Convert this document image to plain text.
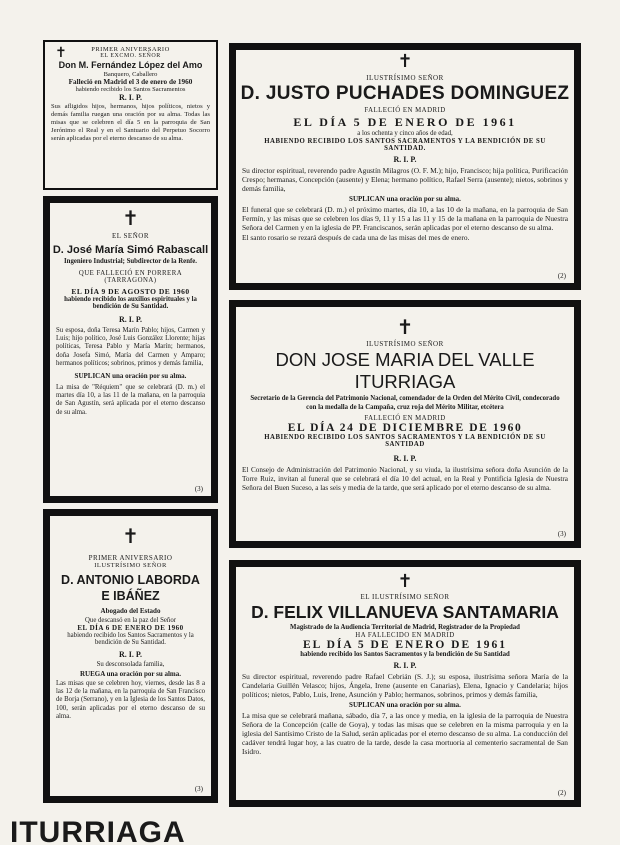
✝	PRIMER ANIVERSARIO

EL EXCMO. SEÑOR

Don M. Fernández López del Amo

Banquero, Caballero

Falleció en Madrid el 3 de enero de 1960

habiendo recibido los Santos Sacramentos

R. I. P.

Sus afligidos hijos, hermanos, hijos políticos, nietos y demás familia ruegan una oración por su alma. Todas las misas que se celebren el día 5 en la parroquia de San Jerónimo el Real y en el Santuario del Perpetuo Socorro serán aplicadas por el eterno descanso de su alma.

✝

EL SEÑOR

D. José María Simó Rabascall

Ingeniero Industrial; Subdirector de la Renfe.

QUE FALLECIÓ EN PORRERA (TARRAGONA)

EL DÍA 9 DE AGOSTO DE 1960

habiendo recibido los auxilios espirituales y la bendición de Su Santidad.

R. I. P.

Su esposa, doña Teresa Marín Pablo; hijos, Carmen y Luis; hijo político, José Luis González Llorente; hijas políticas, Teresa Pablo y María Marín; hermanos, doña Josefa Simó, María del Carmen y Amparo; hermanos políticos; sobrinos, primos y demás familia,

SUPLICAN una oración por su alma.

La misa de "Réquiem" que se celebrará (D. m.) el martes día 10, a las 11 de la mañana, en la parroquia de San Agustín, será aplicada por el eterno descanso de su alma.

(3)
✝

PRIMER ANIVERSARIO

ILUSTRÍSIMO SEÑOR

D. ANTONIO LABORDA

E IBÁÑEZ

Abogado del Estado

Que descansó en la paz del Señor

EL DÍA 6 DE ENERO DE 1960

habiendo recibido los Santos Sacramentos y la bendición de Su Santidad.

R. I. P.

Su desconsolada familia,

RUEGA una oración por su alma.

Las misas que se celebren hoy, viernes, desde las 8 a las 12 de la mañana, en la parroquia de San Francisco de Borja (Serrano), y en la Iglesia de los Santos Datos, 100, serán aplicadas por el eterno descanso de su alma.

(3)
✝

ILUSTRÍSIMO SEÑOR

D. JUSTO PUCHADES DOMINGUEZ

FALLECIÓ EN MADRID

EL DÍA 5 DE ENERO DE 1961

a los ochenta y cinco años de edad,

HABIENDO RECIBIDO LOS SANTOS SACRAMENTOS Y LA BENDICIÓN DE SU SANTIDAD.

R. I. P.

Su director espiritual, reverendo padre Agustín Milagros (O. F. M.); hijo, Francisco; hija política, Purificación Crespo; hermanas, Concepción (ausente) y Elena; hermano político, Rafael Serra (ausente); nietos, sobrinos y demás familia,

SUPLICAN una oración por su alma.

El funeral que se celebrará (D. m.) el próximo martes, día 10, a las 10 de la mañana, en la parroquia de San Fermín, y las misas que se celebren los días 9, 11 y 15 a las 11 y 15 de la mañana en la parroquia de Nuestra Señora del Carmen y en la iglesia de PP. Franciscanos, serán aplicadas por el eterno descanso de su alma.

El santo rosario se rezará después de cada una de las misas del mes de enero.

(2)
✝

ILUSTRÍSIMO SEÑOR

DON JOSE MARIA DEL VALLE

ITURRIAGA

Secretario de la Gerencia del Patrimonio Nacional, comendador de la Orden del Mérito Civil, condecorado con la medalla de la Campaña, cruz roja del Mérito Militar, etcétera

FALLECIÓ EN MADRID

EL DÍA 24 DE DICIEMBRE DE 1960

HABIENDO RECIBIDO LOS SANTOS SACRAMENTOS Y LA BENDICIÓN DE SU SANTIDAD

R. I. P.

El Consejo de Administración del Patrimonio Nacional, y su viuda, la ilustrísima señora doña Asunción de la Torre Ruiz, invitan al funeral que se celebrará el día 10 del actual, en la Real y Pontificia Iglesia de Nuestra Señora del Buen Suceso, a las seis y media de la tarde, que será aplicado por el eterno descanso de su alma.

(3)
✝

EL ILUSTRÍSIMO SEÑOR

D. FELIX VILLANUEVA SANTAMARIA

Magistrado de la Audiencia Territorial de Madrid, Registrador de la Propiedad

HA FALLECIDO EN MADRID

EL DÍA 5 DE ENERO DE 1961

habiendo recibido los Santos Sacramentos y la bendición de Su Santidad

R. I. P.

Su director espiritual, reverendo padre Rafael Cebrián (S. J.); su esposa, ilustrísima señora María de la Candelaria Guillén Velasco; hijos, Ángela, Irene (ausente en Canarias), Elena, Ignacio y Candelaria; hijos políticos; nietos, Pablo, Luis, Irene, Asunción y Pablo; hermanos, sobrinos, primos y demás familia,

SUPLICAN una oración por su alma.

La misa que se celebrará mañana, sábado, día 7, a las once y media, en la iglesia de la parroquia de Nuestra Señora de la Concepción (calle de Goya), y todas las misas que se celebren en la misma parroquia y en la iglesia del Santísimo Cristo de la Salud, serán aplicadas por el eterno descanso de su alma. La conducción del cadáver tendrá lugar hoy, a las cuatro de la tarde, desde la casa mortuoria al cementerio sacramental de San Isidro.

(2)
ITURRIAGA
